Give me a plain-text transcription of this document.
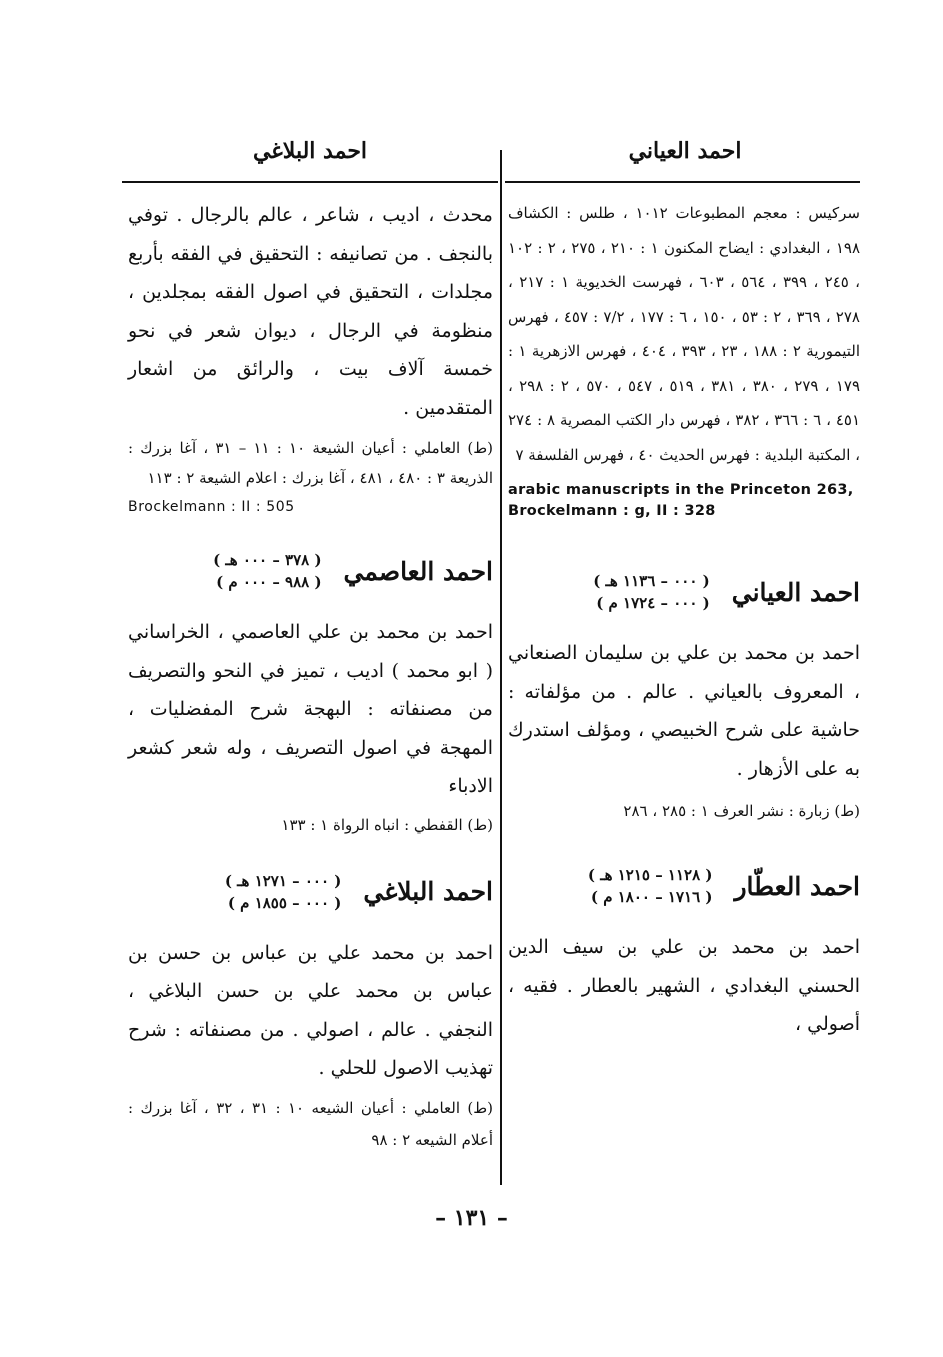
احمد العياني
احمد البلاغي

سركيس : معجم المطبوعات ١٠١٢ ، طلس : الكشاف ١٩٨ ، البغدادي : ايضاح المكنون ١ : ٢١٠ ، ٢٧٥ ، ٢ : ١٠٢ ، ٢٤٥ ، ٣٩٩ ، ٥٦٤ ، ٦٠٣ ، فهرست الخديوية ١ : ٢١٧ ، ٢٧٨ ، ٣٦٩ ، ٢ : ٥٣ ، ١٥٠ ، ٦ : ١٧٧ ، ٧/٢ : ٤٥٧ ، فهرس التيمورية ٢ : ١٨٨ ، ٢٣ ، ٣٩٣ ، ٤٠٤ ، فهرس الازهرية ١ : ١٧٩ ، ٢٧٩ ، ٣٨٠ ، ٣٨١ ، ٥١٩ ، ٥٤٧ ، ٥٧٠ ، ٢ : ٢٩٨ ، ٤٥١ ، ٦ : ٣٦٦ ، ٣٨٢ ، فهرس دار الكتب المصرية ٨ : ٢٧٤ ، المكتبة البلدية : فهرس الحديث ٤٠ ، فهرس الفلسفة ٧

arabic manuscripts in the Princeton 263, Brockelmann : g, II : 328

احمد العياني
( ٠٠٠ – ١١٣٦ هـ )
( ٠٠٠ – ١٧٢٤ م )

احمد بن محمد بن علي بن سليمان الصنعاني ، المعروف بالعياني . عالم . من مؤلفاته : حاشية على شرح الخبيصي ، ومؤلف استدرك به على الأزهار .

(ط) زبارة : نشر العرف ١ : ٢٨٥ ، ٢٨٦

احمد العطّار
( ١١٢٨ – ١٢١٥ هـ )
( ١٧١٦ – ١٨٠٠ م )

احمد بن محمد بن علي بن سيف الدين الحسني البغدادي ، الشهير بالعطار . فقيه ، أصولي ،

محدث ، اديب ، شاعر ، عالم بالرجال . توفي بالنجف . من تصانيفه : التحقيق في الفقه بأربع مجلدات ، التحقيق في اصول الفقه بمجلدين ، منظومة في الرجال ، ديوان شعر في نحو خمسة آلاف بيت ، والرائق من اشعار المتقدمين .

(ط) العاملي : أعيان الشيعة ١٠ : ١١ – ٣١ ، آغا بزرك : الذريعة ٣ : ٤٨٠ ، ٤٨١ ، آغا بزرك : اعلام الشيعة ٢ : ١١٣

Brockelmann : II : 505

احمد العاصمي
( ٣٧٨ – ٠٠٠ هـ )
( ٩٨٨ – ٠٠٠ م )

احمد بن محمد بن علي العاصمي ، الخراساني ( ابو محمد ) اديب ، تميز في النحو والتصريف من مصنفاته : البهجة شرح المفضليات ، المهجة في اصول التصريف ، وله شعر كشعر الادباء

(ط) القفطي : انباه الرواة ١ : ١٣٣

احمد البلاغي
( ٠٠٠ – ١٢٧١ هـ )
( ٠٠٠ – ١٨٥٥ م )

احمد بن محمد علي بن عباس بن حسن بن عباس بن محمد علي بن حسن البلاغي ، النجفي . عالم ، اصولي . من مصنفاته : شرح تهذيب الاصول للحلي .

(ط) العاملي : أعيان الشيعه ١٠ : ٣١ ، ٣٢ ، آغا بزرك : أعلام الشيعه ٢ : ٩٨

– ١٣١ –
